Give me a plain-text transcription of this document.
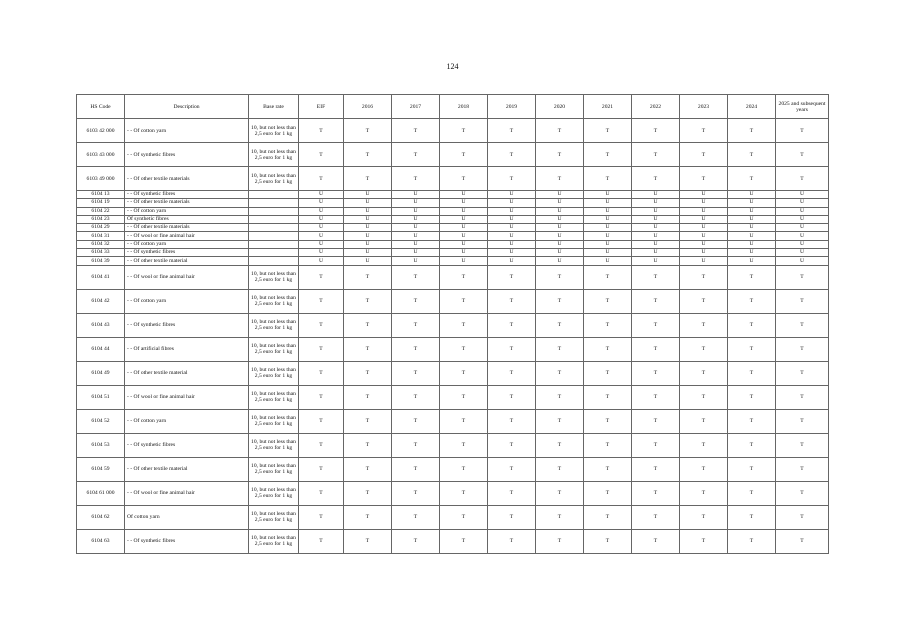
124
HS Code	Description	Base rate	EIF	2016	2017	2018	2019	2020	2021	2022	2023	2024	2025 and subsequent years
6103 42 000	- - Of cotton yarn	10, but not less than 2,5 euro for 1 kg	T	T	T	T	T	T	T	T	T	T	T
6103 43 000	- - Of synthetic fibres	10, but not less than 2,5 euro for 1 kg	T	T	T	T	T	T	T	T	T	T	T
6103 49 000	- - Of other textile materials	10, but not less than 2,5 euro for 1 kg	T	T	T	T	T	T	T	T	T	T	T
6104 13	- - Of synthetic fibres		U	U	U	U	U	U	U	U	U	U	U
6104 19	- - Of other textile materials		U	U	U	U	U	U	U	U	U	U	U
6104 22	- - Of cotton yarn		U	U	U	U	U	U	U	U	U	U	U
6104 23	Of synthetic fibres		U	U	U	U	U	U	U	U	U	U	U
6104 29	- - Of other textile materials		U	U	U	U	U	U	U	U	U	U	U
6104 31	- - Of wool or fine animal hair		U	U	U	U	U	U	U	U	U	U	U
6104 32	- - Of cotton yarn		U	U	U	U	U	U	U	U	U	U	U
6104 33	- - Of synthetic fibres		U	U	U	U	U	U	U	U	U	U	U
6104 39	- - Of other textile material		U	U	U	U	U	U	U	U	U	U	U
6104 41	- - Of wool or fine animal hair	10, but not less than 2,5 euro for 1 kg	T	T	T	T	T	T	T	T	T	T	T
6104 42	- - Of cotton yarn	10, but not less than 2,5 euro for 1 kg	T	T	T	T	T	T	T	T	T	T	T
6104 43	- - Of synthetic fibres	10, but not less than 2,5 euro for 1 kg	T	T	T	T	T	T	T	T	T	T	T
6104 44	- - Of artificial fibres	10, but not less than 2,5 euro for 1 kg	T	T	T	T	T	T	T	T	T	T	T
6104 49	- - Of other textile material	10, but not less than 2,5 euro for 1 kg	T	T	T	T	T	T	T	T	T	T	T
6104 51	- - Of wool or fine animal hair	10, but not less than 2,5 euro for 1 kg	T	T	T	T	T	T	T	T	T	T	T
6104 52	- - Of cotton yarn	10, but not less than 2,5 euro for 1 kg	T	T	T	T	T	T	T	T	T	T	T
6104 53	- - Of synthetic fibres	10, but not less than 2,5 euro for 1 kg	T	T	T	T	T	T	T	T	T	T	T
6104 59	- - Of other textile material	10, but not less than 2,5 euro for 1 kg	T	T	T	T	T	T	T	T	T	T	T
6104 61 000	- - Of wool or fine animal hair	10, but not less than 2,5 euro for 1 kg	T	T	T	T	T	T	T	T	T	T	T
6104 62	Of cotton yarn	10, but not less than 2,5 euro for 1 kg	T	T	T	T	T	T	T	T	T	T	T
6104 63	- - Of synthetic fibres	10, but not less than 2,5 euro for 1 kg	T	T	T	T	T	T	T	T	T	T	T
